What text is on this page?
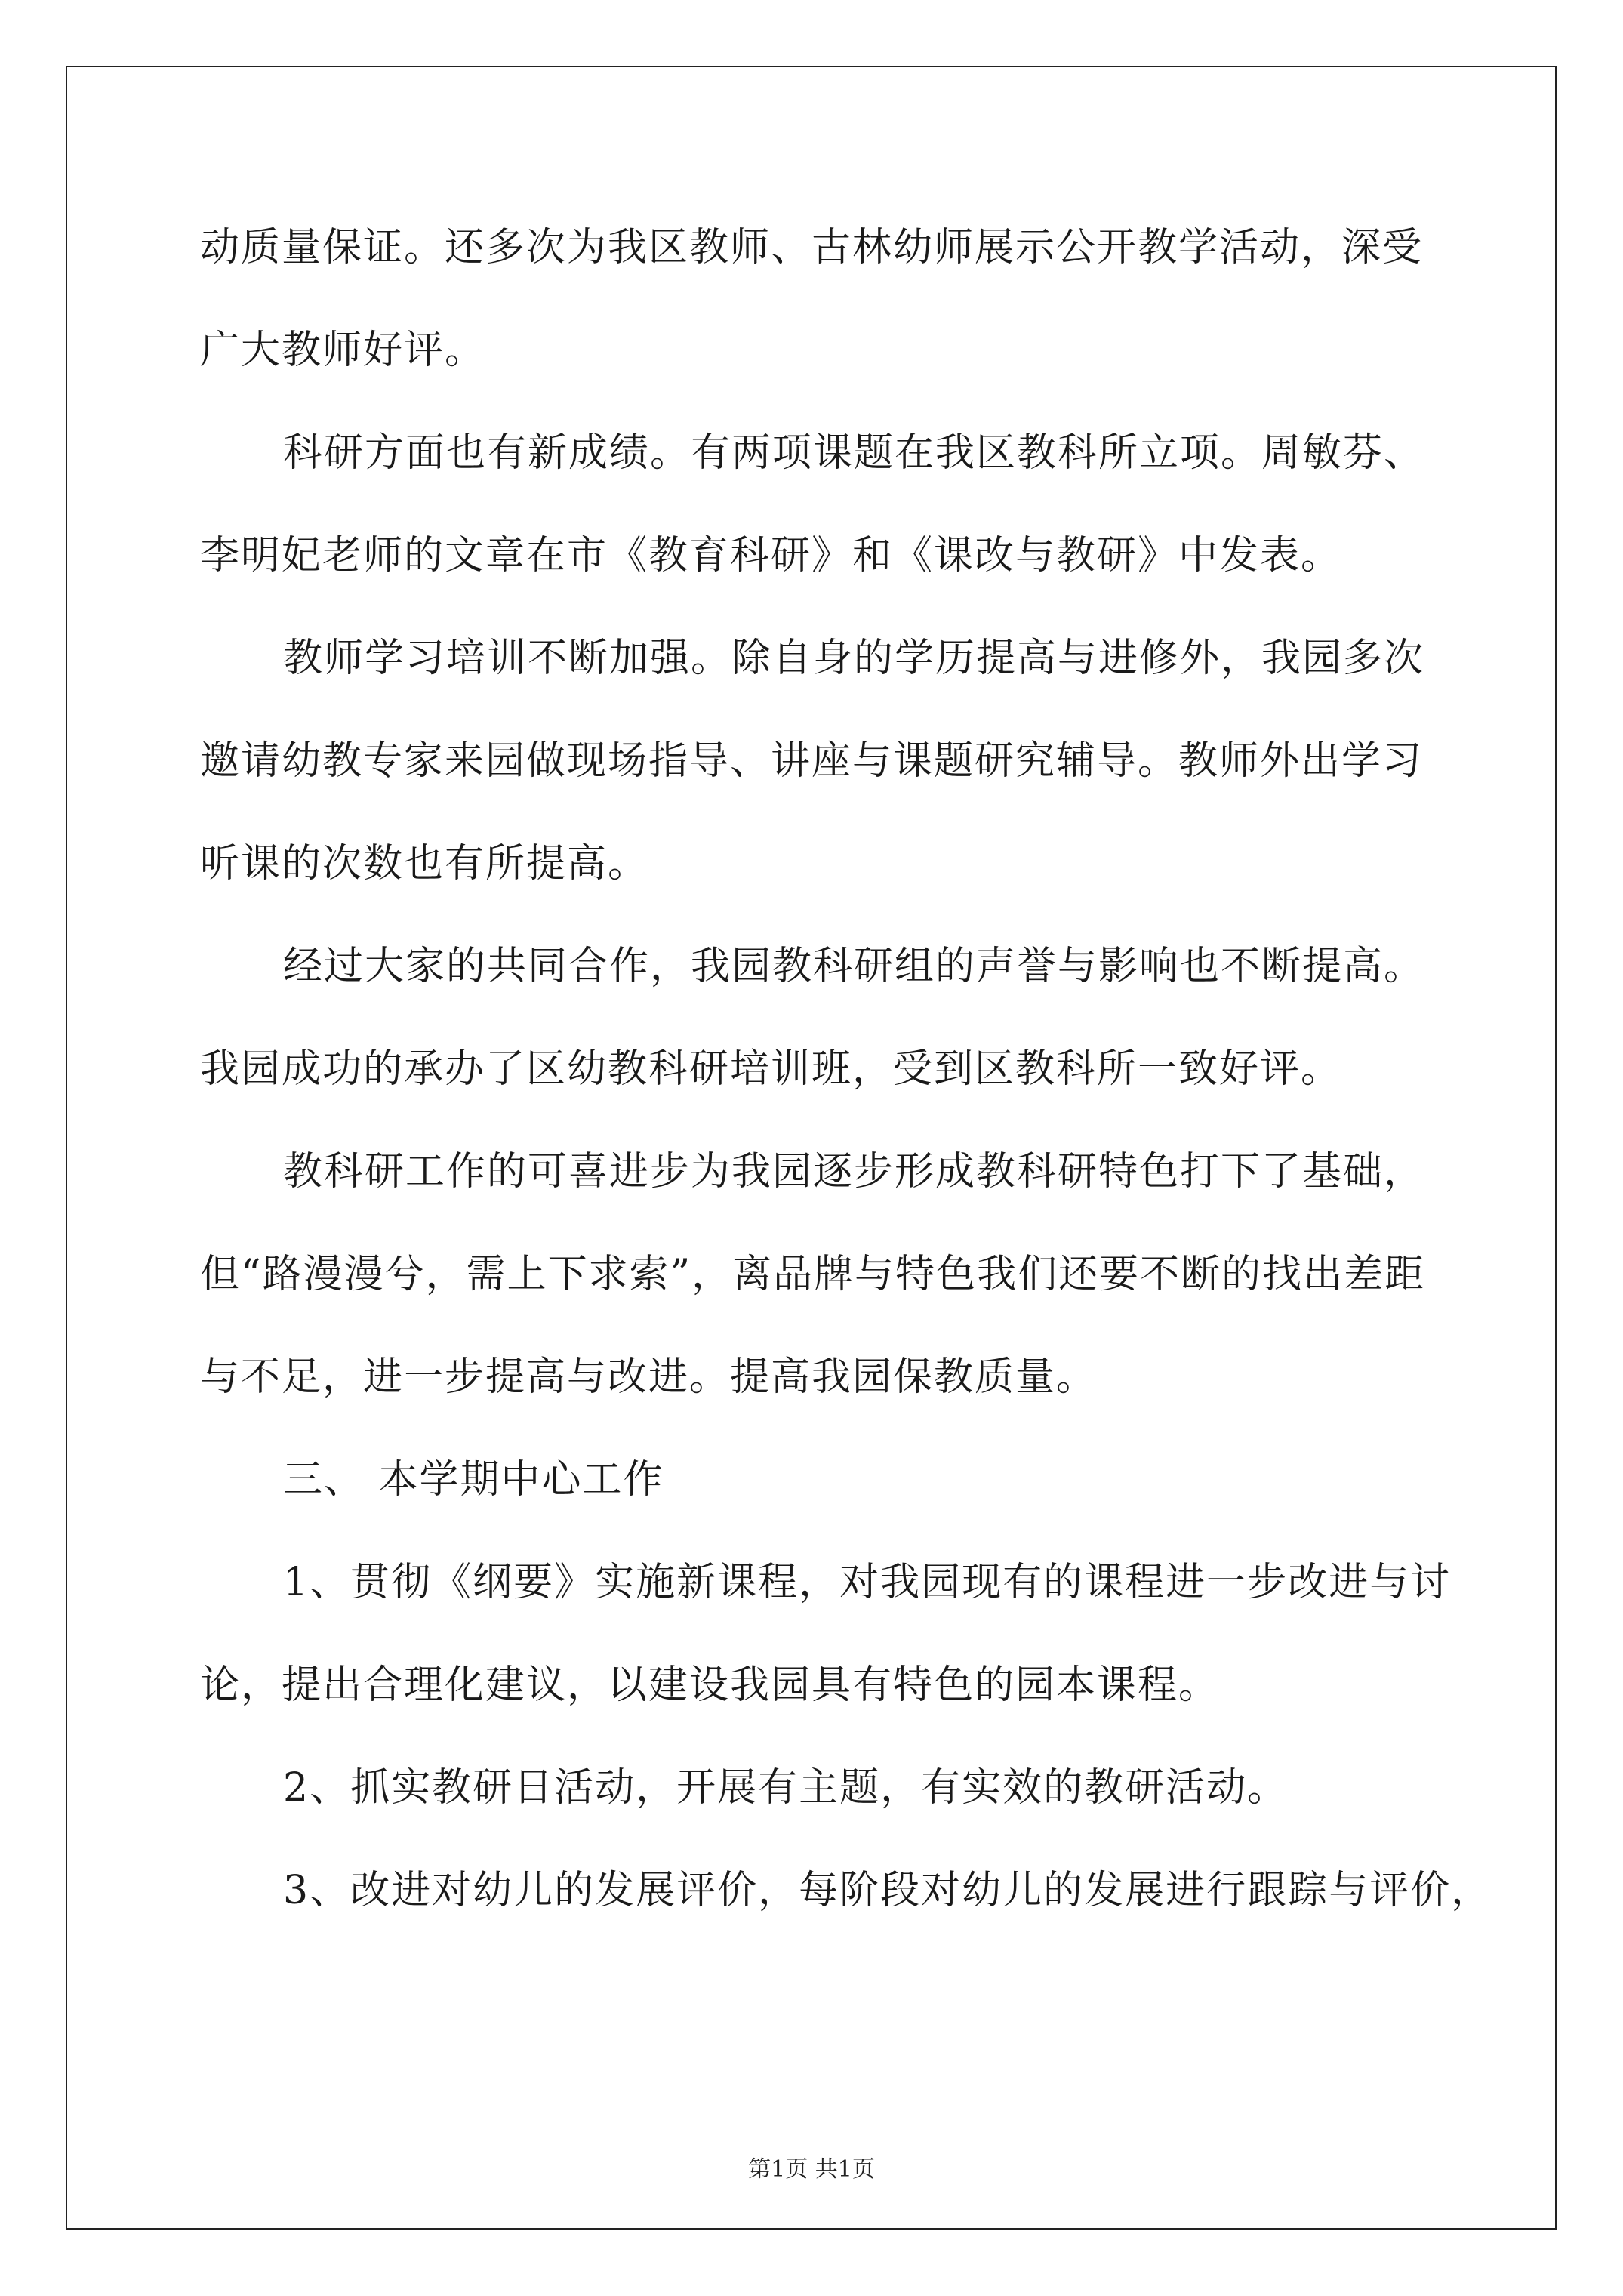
动质量保证。还多次为我区教师、古林幼师展示公开教学活动，深受
广大教师好评。
科研方面也有新成绩。有两项课题在我区教科所立项。周敏芬、
李明妃老师的文章在市《教育科研》和《课改与教研》中发表。
教师学习培训不断加强。除自身的学历提高与进修外，我园多次
邀请幼教专家来园做现场指导、讲座与课题研究辅导。教师外出学习
听课的次数也有所提高。
经过大家的共同合作，我园教科研组的声誉与影响也不断提高。
我园成功的承办了区幼教科研培训班，受到区教科所一致好评。
教科研工作的可喜进步为我园逐步形成教科研特色打下了基础，
但“路漫漫兮，需上下求索”，离品牌与特色我们还要不断的找出差距
与不足，进一步提高与改进。提高我园保教质量。
三、 本学期中心工作
1、贯彻《纲要》实施新课程，对我园现有的课程进一步改进与讨
论，提出合理化建议，以建设我园具有特色的园本课程。
2、抓实教研日活动，开展有主题，有实效的教研活动。
3、改进对幼儿的发展评价，每阶段对幼儿的发展进行跟踪与评价，
第1页 共1页
